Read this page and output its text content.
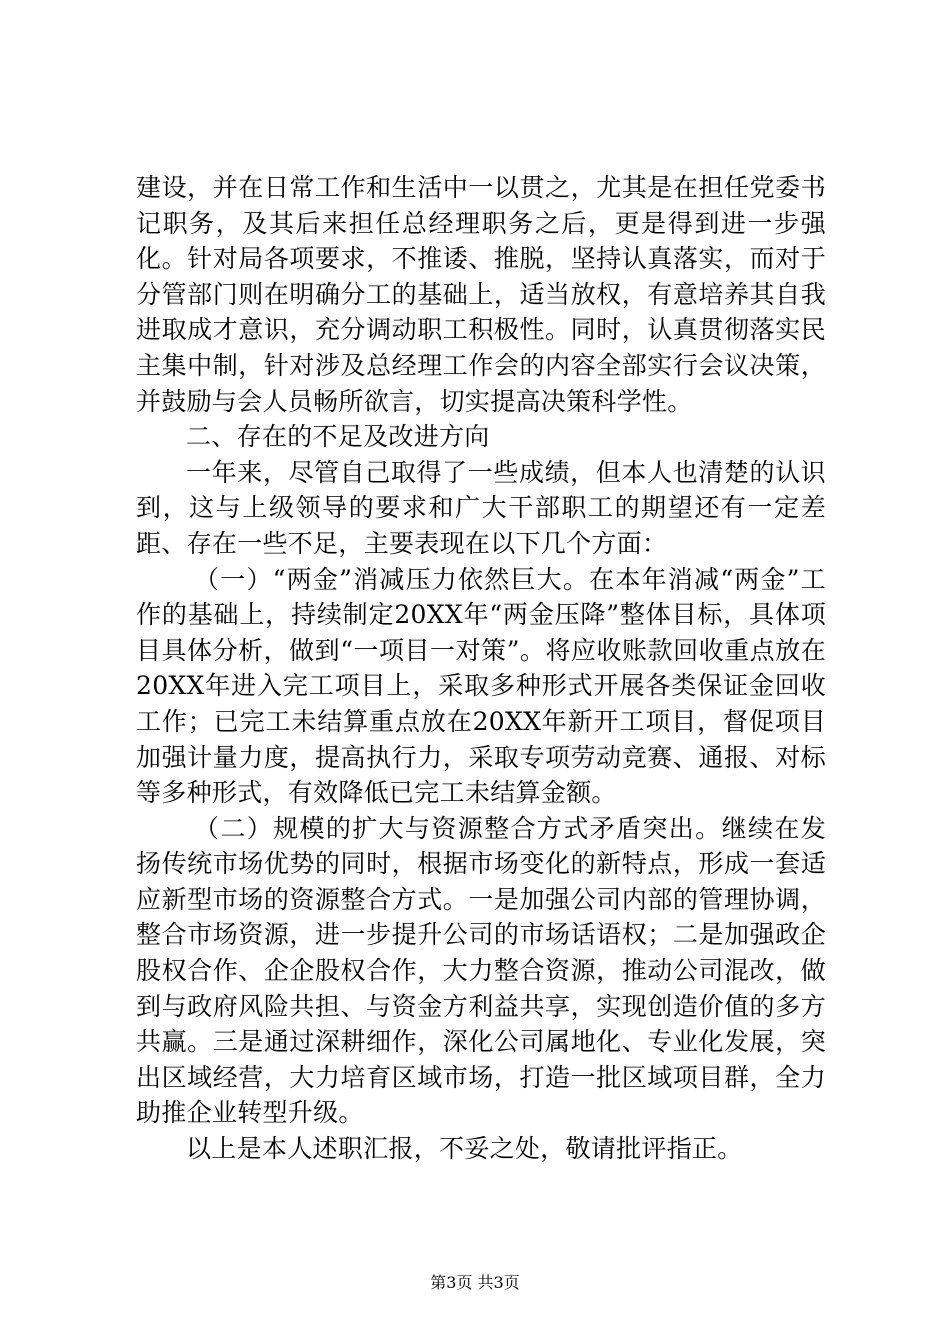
建设，并在日常工作和生活中一以贯之，尤其是在担任党委书记职务，及其后来担任总经理职务之后，更是得到进一步强化。针对局各项要求，不推诿、推脱，坚持认真落实，而对于分管部门则在明确分工的基础上，适当放权，有意培养其自我进取成才意识，充分调动职工积极性。同时，认真贯彻落实民主集中制，针对涉及总经理工作会的内容全部实行会议决策，并鼓励与会人员畅所欲言，切实提高决策科学性。

二、存在的不足及改进方向

一年来，尽管自己取得了一些成绩，但本人也清楚的认识到，这与上级领导的要求和广大干部职工的期望还有一定差距、存在一些不足，主要表现在以下几个方面：

（一）“两金”消减压力依然巨大。在本年消减“两金”工作的基础上，持续制定20XX年“两金压降”整体目标，具体项目具体分析，做到“一项目一对策”。将应收账款回收重点放在20XX年进入完工项目上，采取多种形式开展各类保证金回收工作；已完工未结算重点放在20XX年新开工项目，督促项目加强计量力度，提高执行力，采取专项劳动竞赛、通报、对标等多种形式，有效降低已完工未结算金额。

（二）规模的扩大与资源整合方式矛盾突出。继续在发扬传统市场优势的同时，根据市场变化的新特点，形成一套适应新型市场的资源整合方式。一是加强公司内部的管理协调，整合市场资源，进一步提升公司的市场话语权；二是加强政企股权合作、企企股权合作，大力整合资源，推动公司混改，做到与政府风险共担、与资金方利益共享，实现创造价值的多方共赢。三是通过深耕细作，深化公司属地化、专业化发展，突出区域经营，大力培育区域市场，打造一批区域项目群，全力助推企业转型升级。

以上是本人述职汇报，不妥之处，敬请批评指正。

第3页 共3页
